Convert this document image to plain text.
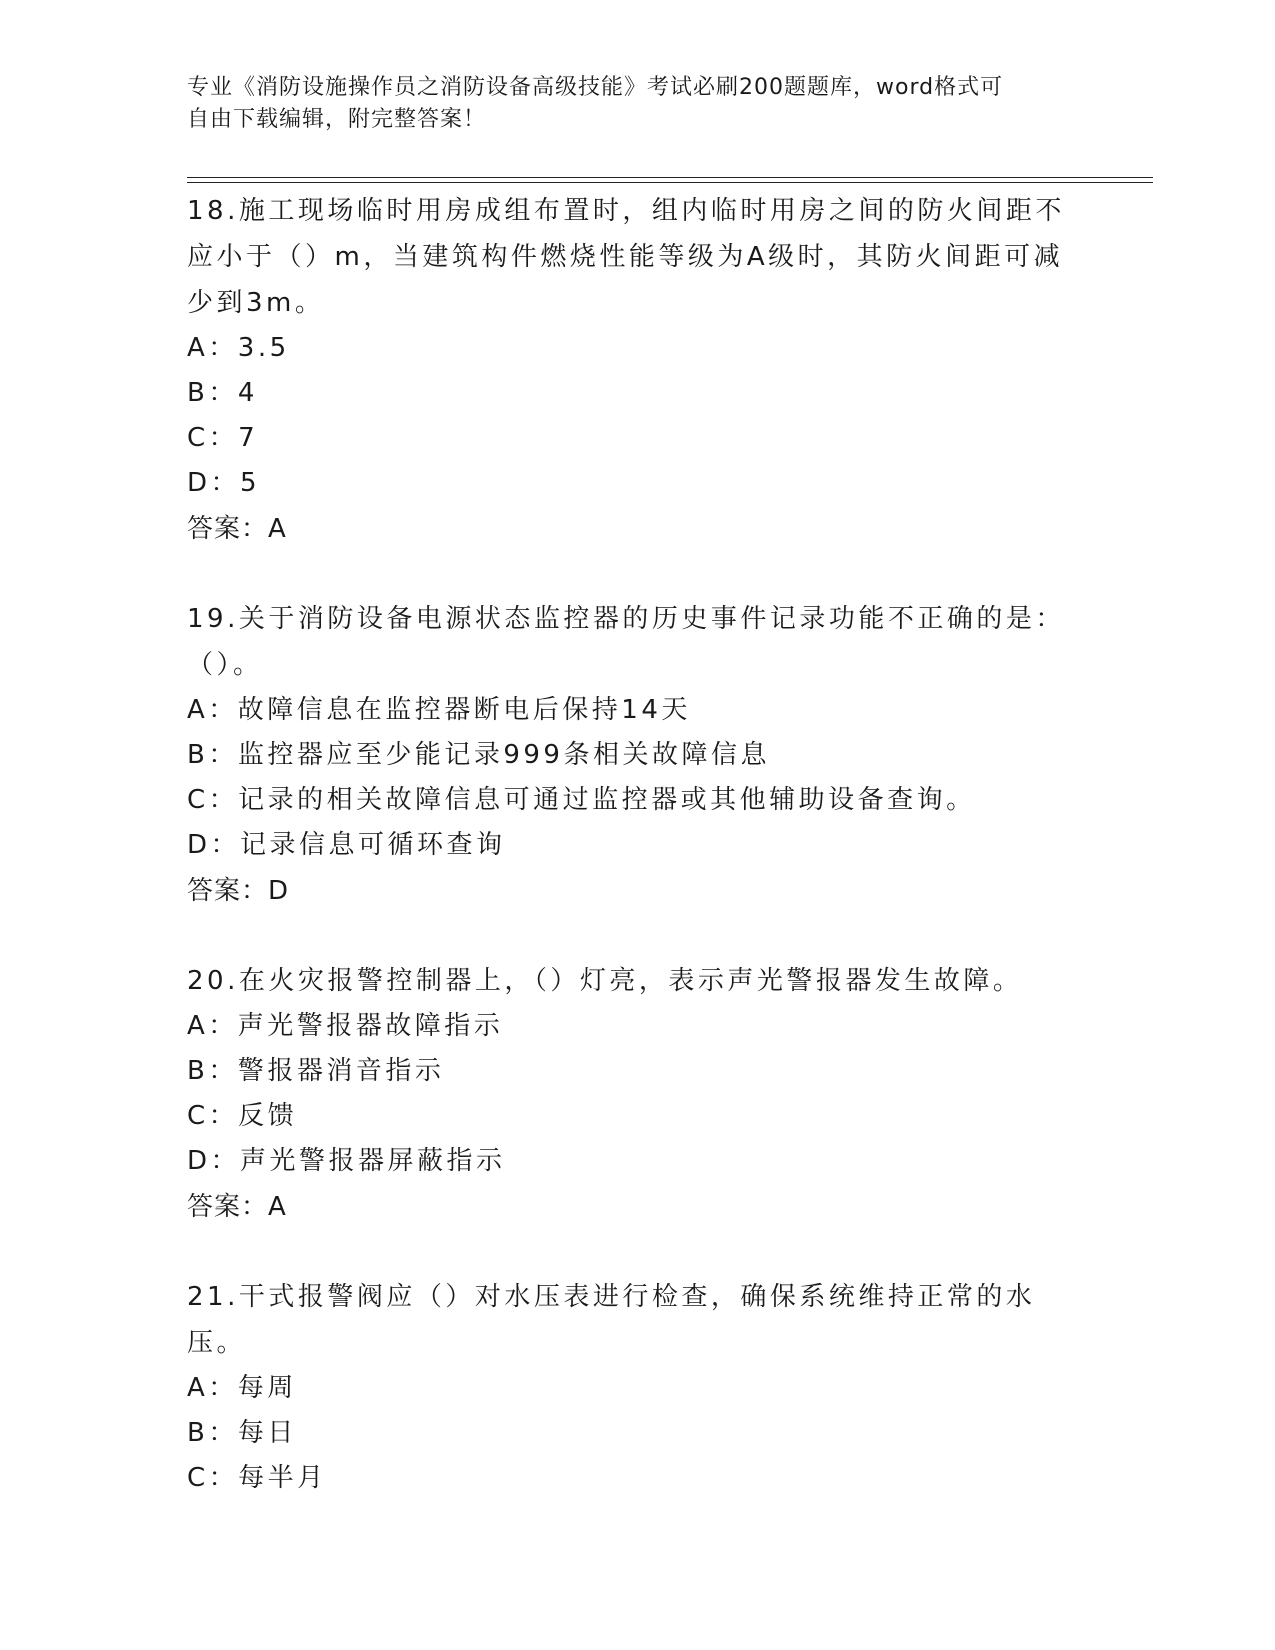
专业《消防设施操作员之消防设备高级技能》考试必刷200题题库，word格式可
自由下载编辑，附完整答案！
18.施工现场临时用房成组布置时，组内临时用房之间的防火间距不应小于（）m，当建筑构件燃烧性能等级为A级时，其防火间距可减少到3m。
A：3.5
B：4
C：7
D：5
答案：A
19.关于消防设备电源状态监控器的历史事件记录功能不正确的是：（）。
A：故障信息在监控器断电后保持14天
B：监控器应至少能记录999条相关故障信息
C：记录的相关故障信息可通过监控器或其他辅助设备查询。
D：记录信息可循环查询
答案：D
20.在火灾报警控制器上，（）灯亮，表示声光警报器发生故障。
A：声光警报器故障指示
B：警报器消音指示
C：反馈
D：声光警报器屏蔽指示
答案：A
21.干式报警阀应（）对水压表进行检查，确保系统维持正常的水压。
A：每周
B：每日
C：每半月
